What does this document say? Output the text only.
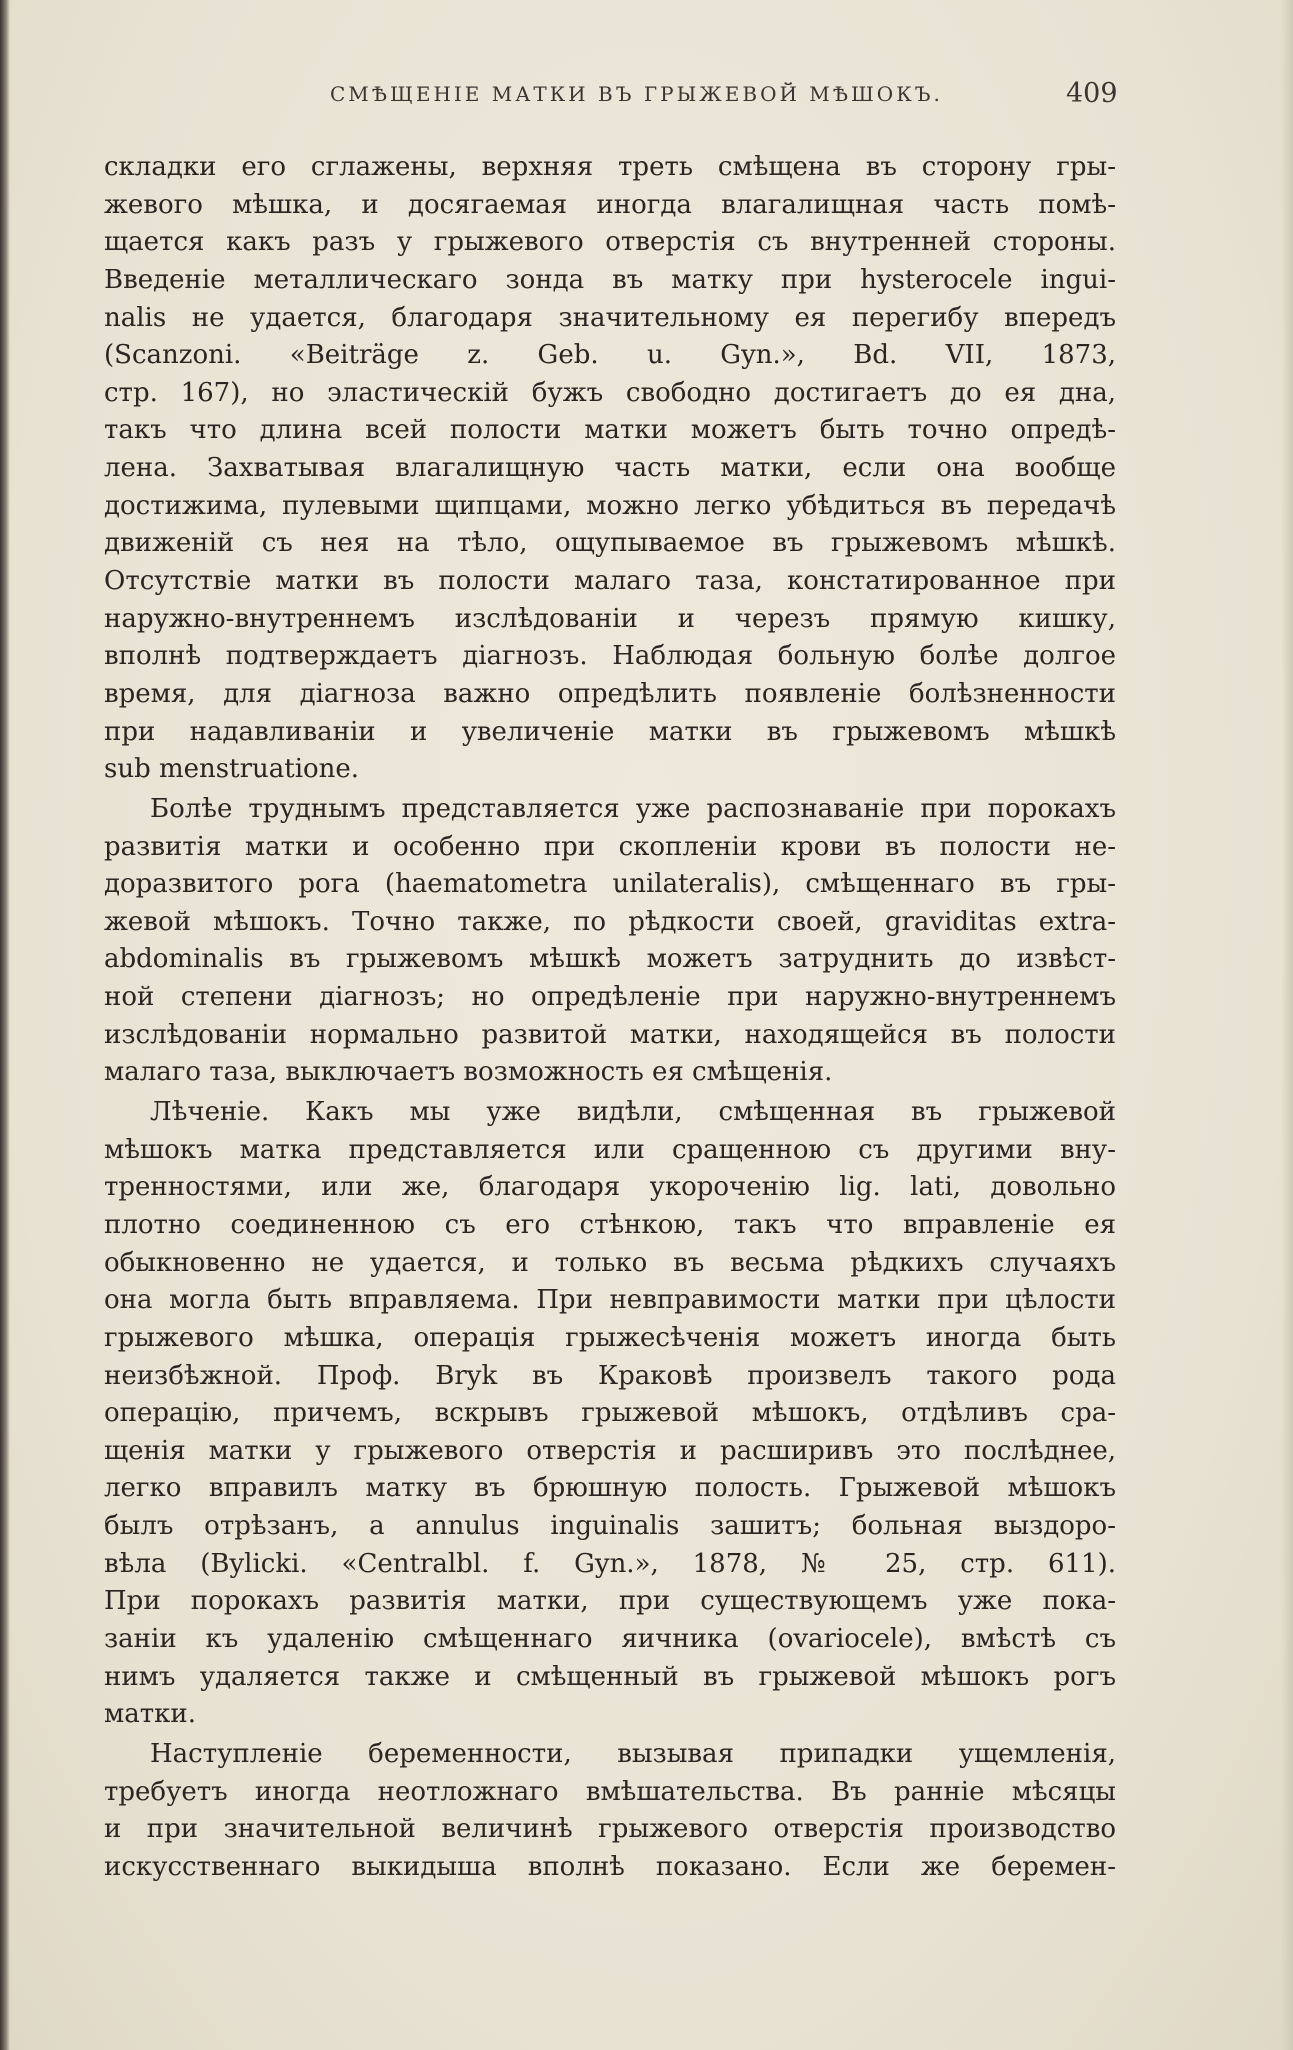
СМѢЩЕНІЕ МАТКИ ВЪ ГРЫЖЕВОЙ МѢШОКЪ.	409
складки его сглажены, верхняя треть смѣщена въ сторону гры-
жевого мѣшка, и досягаемая иногда влагалищная часть помѣ-
щается какъ разъ у грыжевого отверстія съ внутренней стороны.
Введеніе металлическаго зонда въ матку при hysterocele ingui-
nalis не удается, благодаря значительному ея перегибу впередъ
(Scanzoni. «Beiträge z. Geb. u. Gyn.», Bd. VII, 1873,
стр. 167), но эластическій бужъ свободно достигаетъ до ея дна,
такъ что длина всей полости матки можетъ быть точно опредѣ-
лена. Захватывая влагалищную часть матки, если она вообще
достижима, пулевыми щипцами, можно легко убѣдиться въ передачѣ
движеній съ нея на тѣло, ощупываемое въ грыжевомъ мѣшкѣ.
Отсутствіе матки въ полости малаго таза, констатированное при
наружно-внутреннемъ изслѣдованіи и черезъ прямую кишку,
вполнѣ подтверждаетъ діагнозъ. Наблюдая больную болѣе долгое
время, для діагноза важно опредѣлить появленіе болѣзненности
при надавливаніи и увеличеніе матки въ грыжевомъ мѣшкѣ
sub menstruatione.
Болѣе труднымъ представляется уже распознаваніе при порокахъ
развитія матки и особенно при скопленіи крови въ полости не-
доразвитого рога (haematometra unilateralis), смѣщеннаго въ гры-
жевой мѣшокъ. Точно также, по рѣдкости своей, graviditas extra-
abdominalis въ грыжевомъ мѣшкѣ можетъ затруднить до извѣст-
ной степени діагнозъ; но опредѣленіе при наружно-внутреннемъ
изслѣдованіи нормально развитой матки, находящейся въ полости
малаго таза, выключаетъ возможность ея смѣщенія.
Лѣченіе. Какъ мы уже видѣли, смѣщенная въ грыжевой
мѣшокъ матка представляется или сращенною съ другими вну-
тренностями, или же, благодаря укороченію lig. lati, довольно
плотно соединенною съ его стѣнкою, такъ что вправленіе ея
обыкновенно не удается, и только въ весьма рѣдкихъ случаяхъ
она могла быть вправляема. При невправимости матки при цѣлости
грыжевого мѣшка, операція грыжесѣченія можетъ иногда быть
неизбѣжной. Проф. Bryk въ Краковѣ произвелъ такого рода
операцію, причемъ, вскрывъ грыжевой мѣшокъ, отдѣливъ сра-
щенія матки у грыжевого отверстія и расширивъ это послѣднее,
легко вправилъ матку въ брюшную полость. Грыжевой мѣшокъ
былъ отрѣзанъ, а annulus inguinalis зашитъ; больная выздоро-
вѣла (Bylicki. «Centralbl. f. Gyn.», 1878, № 25, стр. 611).
При порокахъ развитія матки, при существующемъ уже пока-
заніи къ удаленію смѣщеннаго яичника (ovariocele), вмѣстѣ съ
нимъ удаляется также и смѣщенный въ грыжевой мѣшокъ рогъ
матки.
Наступленіе беременности, вызывая припадки ущемленія,
требуетъ иногда неотложнаго вмѣшательства. Въ ранніе мѣсяцы
и при значительной величинѣ грыжевого отверстія производство
искусственнаго выкидыша вполнѣ показано. Если же беремен-
